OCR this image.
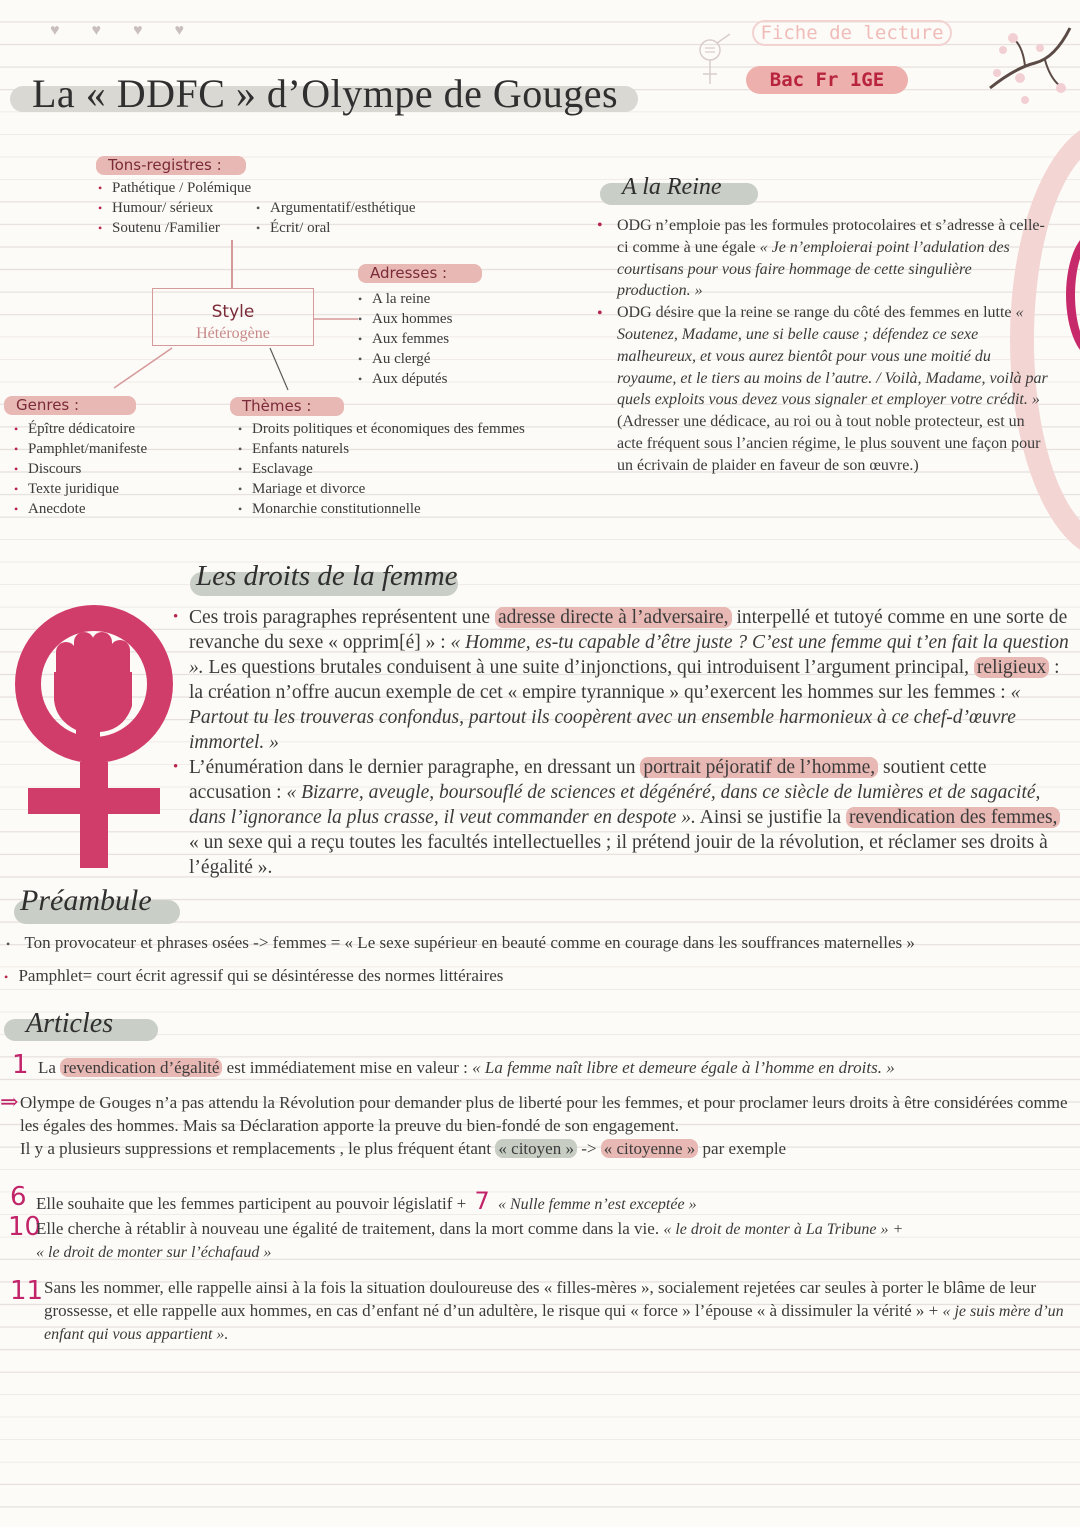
♥ ♥ ♥ ♥
La « DDFC » d’Olympe de Gouges
Fiche de lecture
Bac Fr 1GE
Tons-registres :
• Pathétique / Polémique
• Humour/ sérieux
• Soutenu /Familier
• Argumentatif/esthétique
• Écrit/ oral
Style
Hétérogène
Adresses :
• A la reine
• Aux hommes
• Aux femmes
• Au clergé
• Aux députés
Genres :
• Épître dédicatoire
• Pamphlet/manifeste
• Discours
• Texte juridique
• Anecdote
Thèmes :
• Droits politiques et économiques des femmes
• Enfants naturels
• Esclavage
• Mariage et divorce
• Monarchie constitutionnelle
A la Reine
• ODG n’emploie pas les formules protocolaires et s’adresse à celle-ci comme à une égale « Je n’emploierai point l’adulation des courtisans pour vous faire hommage de cette singulière production. »

• ODG désire que la reine se range du côté des femmes en lutte « Soutenez, Madame, une si belle cause ; défendez ce sexe malheureux, et vous aurez bientôt pour vous une moitié du royaume, et le tiers au moins de l’autre. / Voilà, Madame, voilà par quels exploits vous devez vous signaler et employer votre crédit. » (Adresser une dédicace, au roi ou à tout noble protecteur, est un acte fréquent sous l’ancien régime, le plus souvent une façon pour un écrivain de plaider en faveur de son œuvre.)
Les droits de la femme
• Ces trois paragraphes représentent une adresse directe à l’adversaire, interpellé et tutoyé comme en une sorte de revanche du sexe « opprim[é] » : « Homme, es-tu capable d’être juste ? C’est une femme qui t’en fait la question ». Les questions brutales conduisent à une suite d’injonctions, qui introduisent l’argument principal, religieux : la création n’offre aucun exemple de cet « empire tyrannique » qu’exercent les hommes sur les femmes : « Partout tu les trouveras confondus, partout ils coopèrent avec un ensemble harmonieux à ce chef-d’œuvre immortel. »
• L’énumération dans le dernier paragraphe, en dressant un portrait péjoratif de l’homme, soutient cette accusation : « Bizarre, aveugle, boursouflé de sciences et dégénéré, dans ce siècle de lumières et de sagacité, dans l’ignorance la plus crasse, il veut commander en despote ». Ainsi se justifie la revendication des femmes, « un sexe qui a reçu toutes les facultés intellectuelles ; il prétend jouir de la révolution, et réclamer ses droits à l’égalité ».
Préambule
• Ton provocateur et phrases osées -> femmes = « Le sexe supérieur en beauté comme en courage dans les souffrances maternelles »
• Pamphlet= court écrit agressif qui se désintéresse des normes littéraires
Articles
1 La revendication d’égalité est immédiatement mise en valeur : « La femme naît libre et demeure égale à l’homme en droits. »
⇒ Olympe de Gouges n’a pas attendu la Révolution pour demander plus de liberté pour les femmes, et pour proclamer leurs droits à être considérées comme les égales des hommes. Mais sa Déclaration apporte la preuve du bien-fondé de son engagement.
Il y a plusieurs suppressions et remplacements , le plus fréquent étant « citoyen » -> « citoyenne » par exemple
6 Elle souhaite que les femmes participent au pouvoir législatif + 7 « Nulle femme n’est exceptée »
10
Elle cherche à rétablir à nouveau une égalité de traitement, dans la mort comme dans la vie. « le droit de monter à La Tribune » +
« le droit de monter sur l’échafaud »
11 Sans les nommer, elle rappelle ainsi à la fois la situation douloureuse des « filles-mères », socialement rejetées car seules à porter le blâme de leur grossesse, et elle rappelle aux hommes, en cas d’enfant né d’un adultère, le risque qui « force » l’épouse « à dissimuler la vérité » + « je suis mère d’un enfant qui vous appartient ».
